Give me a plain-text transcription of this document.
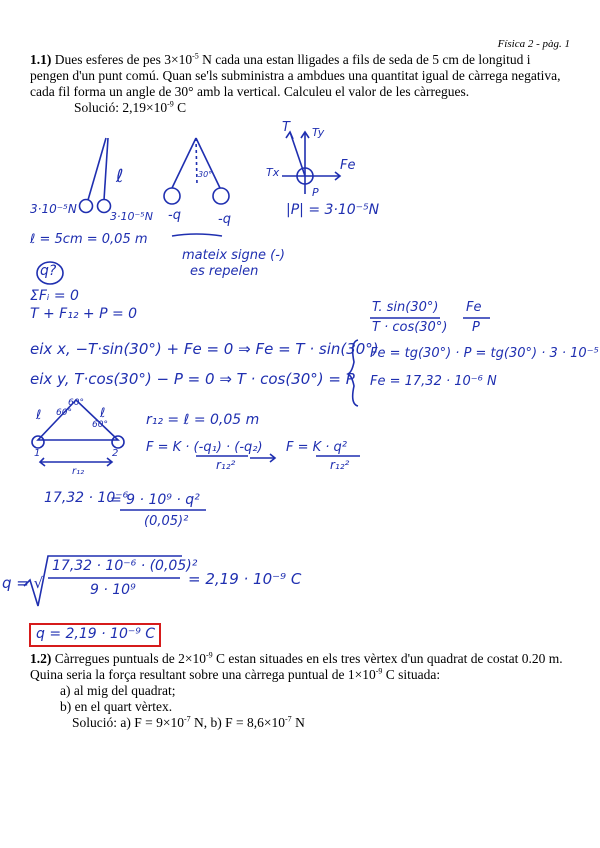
Física 2 - pàg. 1
1.1) Dues esferes de pes $3\times 10^{-5}$ N cada una estan lligades a fils de seda de 5 cm de longitud i
pengen d'un punt comú. Quan se'ls subministra a ambdues una quantitat igual de càrrega negativa,
cada fil forma un angle de 30° amb la vertical. Calculeu el valor de les càrregues.
Solució: $2,19\times 10^{-9}$ C
ℓ
3·10⁻⁵N
3·10⁻⁵N
ℓ = 5cm = 0,05 m
-q	-q
30°
mateix signe (-)
es repelen
T Ty
Tx	Fe
P
|P| = 3·10⁻⁵N
q?
ΣFᵢ = 0
T + F₁₂ + P = 0
eix x, −T·sin(30°) + Fe = 0 ⇒ Fe = T · sin(30°)
eix y, T·cos(30°) − P = 0 ⇒ T · cos(30°) = P
T. sin(30°)
T · cos(30°)
Fe
P
Fe = tg(30°) · P = tg(30°) · 3 · 10⁻⁵
Fe = 17,32 · 10⁻⁶ N
60°
60°
60°
ℓ	ℓ
1	2
r₁₂
r₁₂ = ℓ = 0,05 m
F = K · (-q₁) · (-q₂)
r₁₂²
F = K · q²
r₁₂²
17,32 · 10⁻⁶
= 9 · 10⁹ · q²
(0,05)²
q = √
17,32 · 10⁻⁶ · (0,05)²
9 · 10⁹
= 2,19 · 10⁻⁹ C
q = 2,19 · 10⁻⁹ C
1.2) Càrregues puntuals de $2\times 10^{-9}$ C estan situades en els tres vèrtex d'un quadrat de costat 0.20 m.
Quina seria la força resultant sobre una càrrega puntual de $1\times 10^{-9}$ C situada:
a) al mig del quadrat;
b) en el quart vèrtex.
Solució: a) $F = 9\times 10^{-7}$ N, b) $F = 8,6\times 10^{-7}$ N
